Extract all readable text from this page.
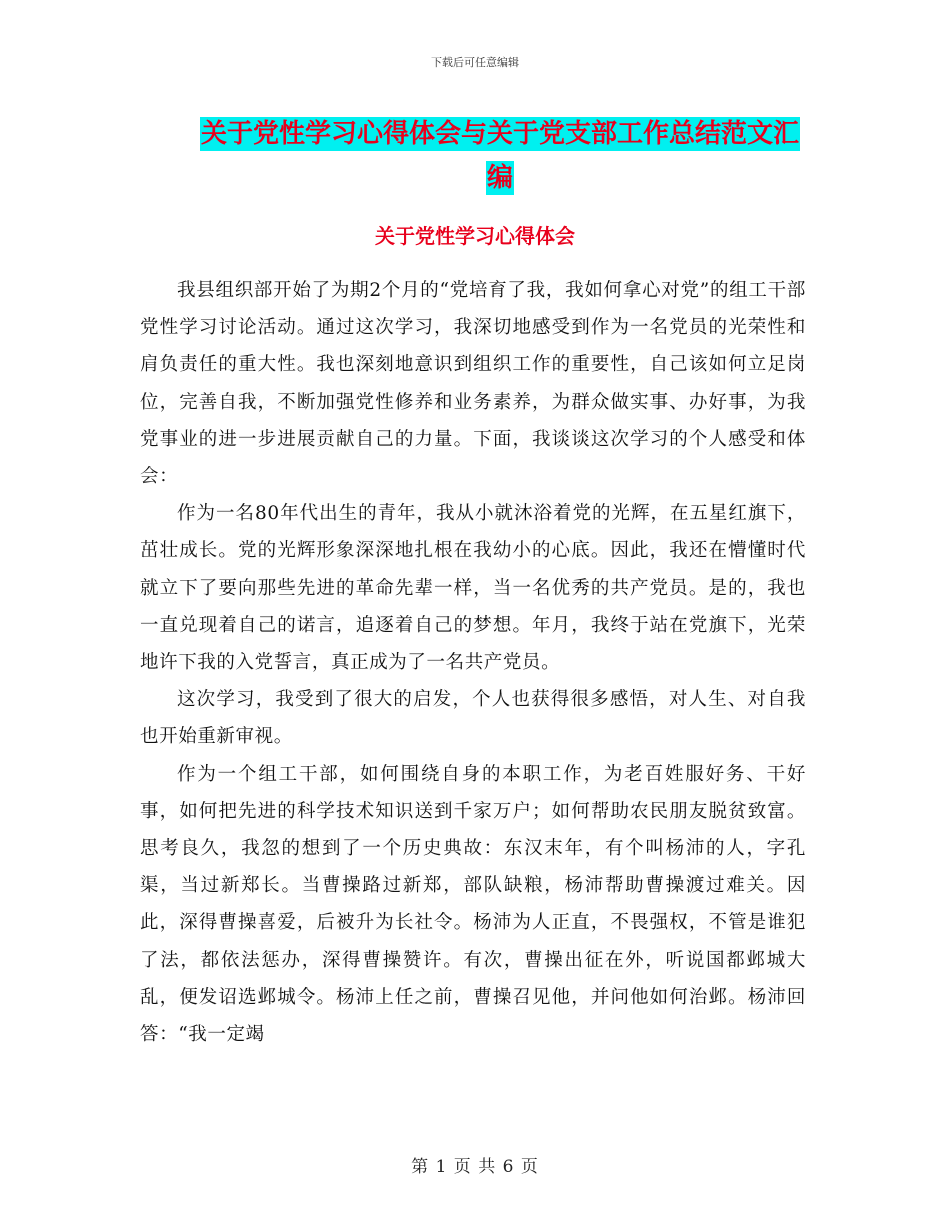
下载后可任意编辑
关于党性学习心得体会与关于党支部工作总结范文汇
编
关于党性学习心得体会

我县组织部开始了为期2个月的“党培育了我，我如何拿心对党”的组工干部党性学习讨论活动。通过这次学习，我深切地感受到作为一名党员的光荣性和肩负责任的重大性。我也深刻地意识到组织工作的重要性，自己该如何立足岗位，完善自我，不断加强党性修养和业务素养，为群众做实事、办好事，为我党事业的进一步进展贡献自己的力量。下面，我谈谈这次学习的个人感受和体会：

作为一名80年代出生的青年，我从小就沐浴着党的光辉，在五星红旗下，茁壮成长。党的光辉形象深深地扎根在我幼小的心底。因此，我还在懵懂时代就立下了要向那些先进的革命先辈一样，当一名优秀的共产党员。是的，我也一直兑现着自己的诺言，追逐着自己的梦想。年月，我终于站在党旗下，光荣地许下我的入党誓言，真正成为了一名共产党员。

这次学习，我受到了很大的启发，个人也获得很多感悟，对人生、对自我也开始重新审视。

作为一个组工干部，如何围绕自身的本职工作，为老百姓服好务、干好事，如何把先进的科学技术知识送到千家万户；如何帮助农民朋友脱贫致富。思考良久，我忽的想到了一个历史典故：东汉末年，有个叫杨沛的人，字孔渠，当过新郑长。当曹操路过新郑，部队缺粮，杨沛帮助曹操渡过难关。因此，深得曹操喜爱，后被升为长社令。杨沛为人正直，不畏强权，不管是谁犯了法，都依法惩办，深得曹操赞许。有次，曹操出征在外，听说国都邺城大乱，便发诏选邺城令。杨沛上任之前，曹操召见他，并问他如何治邺。杨沛回答：“我一定竭

第 1 页 共 6 页
